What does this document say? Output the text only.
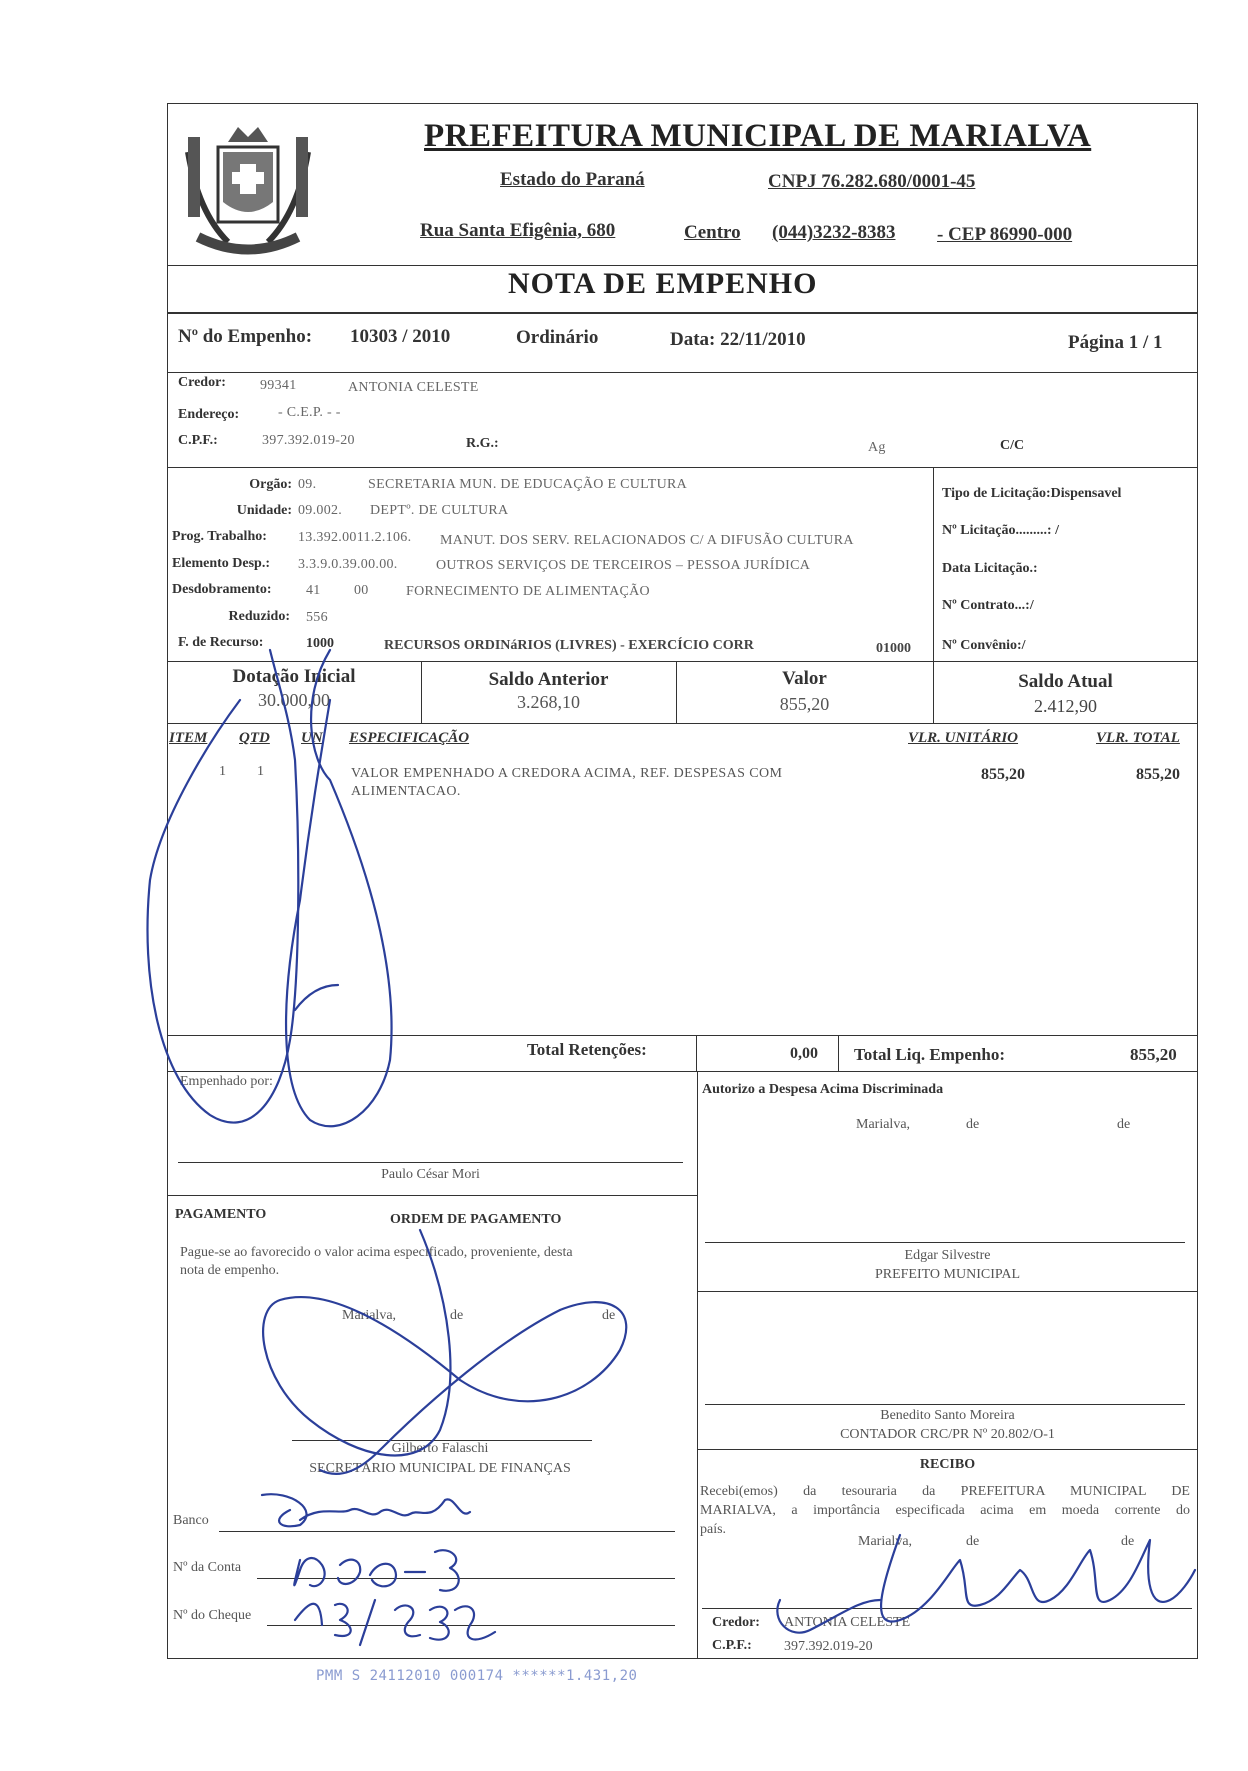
PREFEITURA MUNICIPAL DE MARIALVA
Estado do Paraná	CNPJ 76.282.680/0001-45
Rua Santa Efigênia, 680	Centro (044)3232-8383 - CEP 86990-000
NOTA DE EMPENHO
Nº do Empenho: 10303 / 2010	Ordinário	Data: 22/11/2010	Página 1 / 1
Credor: 99341	ANTONIA CELESTE
Endereço:	- C.E.P. - -
C.P.F.:	397.392.019-20	R.G.:	Ag	C/C
Orgão: 09.	SECRETARIA MUN. DE EDUCAÇÃO E CULTURA
Unidade: 09.002. DEPTº. DE CULTURA
Prog. Trabalho: 13.392.0011.2.106. MANUT. DOS SERV. RELACIONADOS C/ A DIFUSÃO CULTURA
Elemento Desp.: 3.3.9.0.39.00.00.	OUTROS SERVIÇOS DE TERCEIROS – PESSOA JURÍDICA
Desdobramento: 41 00	FORNECIMENTO DE ALIMENTAÇÃO
Reduzido: 556
F. de Recurso:	1000	RECURSOS ORDINáRIOS (LIVRES) - EXERCÍCIO CORR	01000
Tipo de Licitação:Dispensavel
Nº Licitação.........: /
Data Licitação.:
Nº Contrato...:/
Nº Convênio:/
Dotação Inicial
30.000,00
Saldo Anterior
3.268,10
Valor
855,20
Saldo Atual
2.412,90
ITEM QTD UN ESPECIFICAÇÃO	VLR. UNITÁRIO	VLR. TOTAL
1 1	VALOR EMPENHADO A CREDORA ACIMA, REF. DESPESAS COM
ALIMENTACAO.
855,20	855,20
Total Retenções:	0,00 Total Liq. Empenho:	855,20
Empenhado por:
Paulo César Mori
PAGAMENTO	ORDEM DE PAGAMENTO
Pague-se ao favorecido o valor acima especificado, proveniente, desta
nota de empenho.
Marialva,	de	de
Gilberto Falaschi
SECRETÁRIO MUNICIPAL DE FINANÇAS
Banco
Nº da Conta
Nº do Cheque
Autorizo a Despesa Acima Discriminada
Marialva,	de	de
Edgar Silvestre
PREFEITO MUNICIPAL
Benedito Santo Moreira
CONTADOR CRC/PR Nº 20.802/O-1
RECIBO
Recebi(emos) da tesouraria da PREFEITURA MUNICIPAL DE
MARIALVA, a importância especificada acima em moeda corrente do
país.
Marialva,	de	de
Credor: ANTONIA CELESTE
C.P.F.: 397.392.019-20
PMM S 24112010 000174 ******1.431,20
